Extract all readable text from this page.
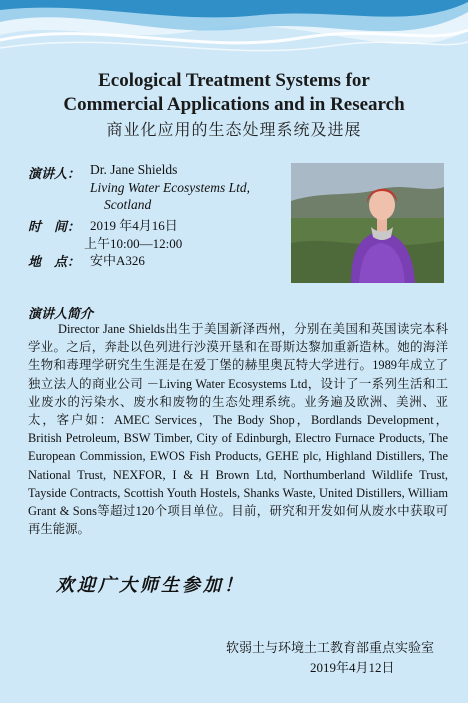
Ecological Treatment Systems for
Commercial Applications and in Research
商业化应用的生态处理系统及进展
演讲人： Dr. Jane Shields
Living Water Ecosystems Ltd,
Scotland
时　间： 2019 年4月16日
上午10:00—12:00
地　点： 安中A326
演讲人简介
Director Jane Shields出生于美国新泽西州，分别在美国和英国读完本科学业。之后，奔赴以色列进行沙漠开垦和在哥斯达黎加重新造林。她的海洋生物和毒理学研究生生涯是在爱丁堡的赫里奥瓦特大学进行。1989年成立了独立法人的商业公司 －Living Water Ecosystems Ltd，设计了一系列生活和工业废水的污染水、废水和废物的生态处理系统。业务遍及欧洲、美洲、亚太，客户如：AMEC Services，The Body Shop，Bordlands Development，British Petroleum, BSW Timber, City of Edinburgh, Electro Furnace Products, The European Commission, EWOS Fish Products, GEHE plc, Highland Distillers, The National Trust, NEXFOR, I & H Brown Ltd, Northumberland Wildlife Trust, Tayside Contracts, Scottish Youth Hostels, Shanks Waste, United Distillers, William Grant & Sons等超过120个项目单位。目前，研究和开发如何从废水中获取可再生能源。
欢迎广大师生参加！
软弱土与环境土工教育部重点实验室
2019年4月12日
